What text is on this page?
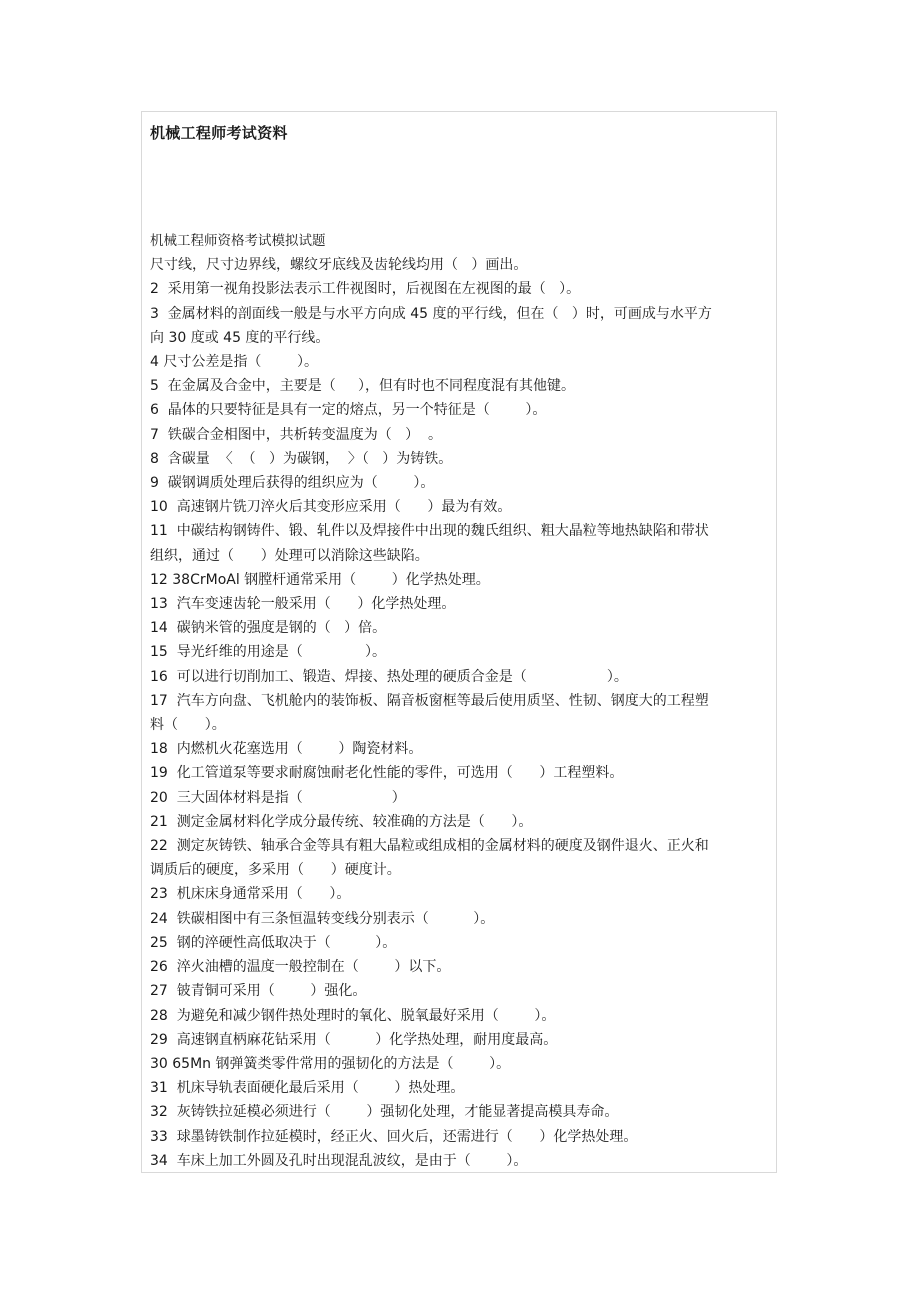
机械工程师考试资料
机械工程师资格考试模拟试题
尺寸线，尺寸边界线，螺纹牙底线及齿轮线均用（   ）画出。
2  采用第一视角投影法表示工件视图时，后视图在左视图的最（   ）。
3  金属材料的剖面线一般是与水平方向成 45 度的平行线，但在（   ）时，可画成与水平方
向 30 度或 45 度的平行线。
4 尺寸公差是指（        ）。
5  在金属及合金中，主要是（     ），但有时也不同程度混有其他键。
6  晶体的只要特征是具有一定的熔点，另一个特征是（        ）。
7  铁碳合金相图中，共析转变温度为（   ）  。
8  含碳量  〈  （   ）为碳钢，  〉（   ）为铸铁。
9  碳钢调质处理后获得的组织应为（        ）。
10  高速钢片铣刀淬火后其变形应采用（      ）最为有效。
11  中碳结构钢铸件、锻、轧件以及焊接件中出现的魏氏组织、粗大晶粒等地热缺陷和带状
组织，通过（      ）处理可以消除这些缺陷。
12 38CrMoAl 钢膛杆通常采用（        ）化学热处理。
13  汽车变速齿轮一般采用（      ）化学热处理。
14  碳钠米管的强度是钢的（   ）倍。
15  导光纤维的用途是（              ）。
16  可以进行切削加工、锻造、焊接、热处理的硬质合金是（                  ）。
17  汽车方向盘、飞机舱内的装饰板、隔音板窗框等最后使用质坚、性韧、钢度大的工程塑
料（      ）。
18  内燃机火花塞选用（        ）陶瓷材料。
19  化工管道泵等要求耐腐蚀耐老化性能的零件，可选用（      ）工程塑料。
20  三大固体材料是指（                    ）
21  测定金属材料化学成分最传统、较准确的方法是（      ）。
22  测定灰铸铁、轴承合金等具有粗大晶粒或组成相的金属材料的硬度及钢件退火、正火和
调质后的硬度，多采用（      ）硬度计。
23  机床床身通常采用（      ）。
24  铁碳相图中有三条恒温转变线分别表示（          ）。
25  钢的淬硬性高低取决于（          ）。
26  淬火油槽的温度一般控制在（        ）以下。
27  铍青铜可采用（        ）强化。
28  为避免和减少钢件热处理时的氧化、脱氧最好采用（        ）。
29  高速钢直柄麻花钻采用（          ）化学热处理，耐用度最高。
30 65Mn 钢弹簧类零件常用的强韧化的方法是（        ）。
31  机床导轨表面硬化最后采用（        ）热处理。
32  灰铸铁拉延模必须进行（        ）强韧化处理，才能显著提高模具寿命。
33  球墨铸铁制作拉延模时，经正火、回火后，还需进行（      ）化学热处理。
34  车床上加工外圆及孔时出现混乱波纹，是由于（        ）。
